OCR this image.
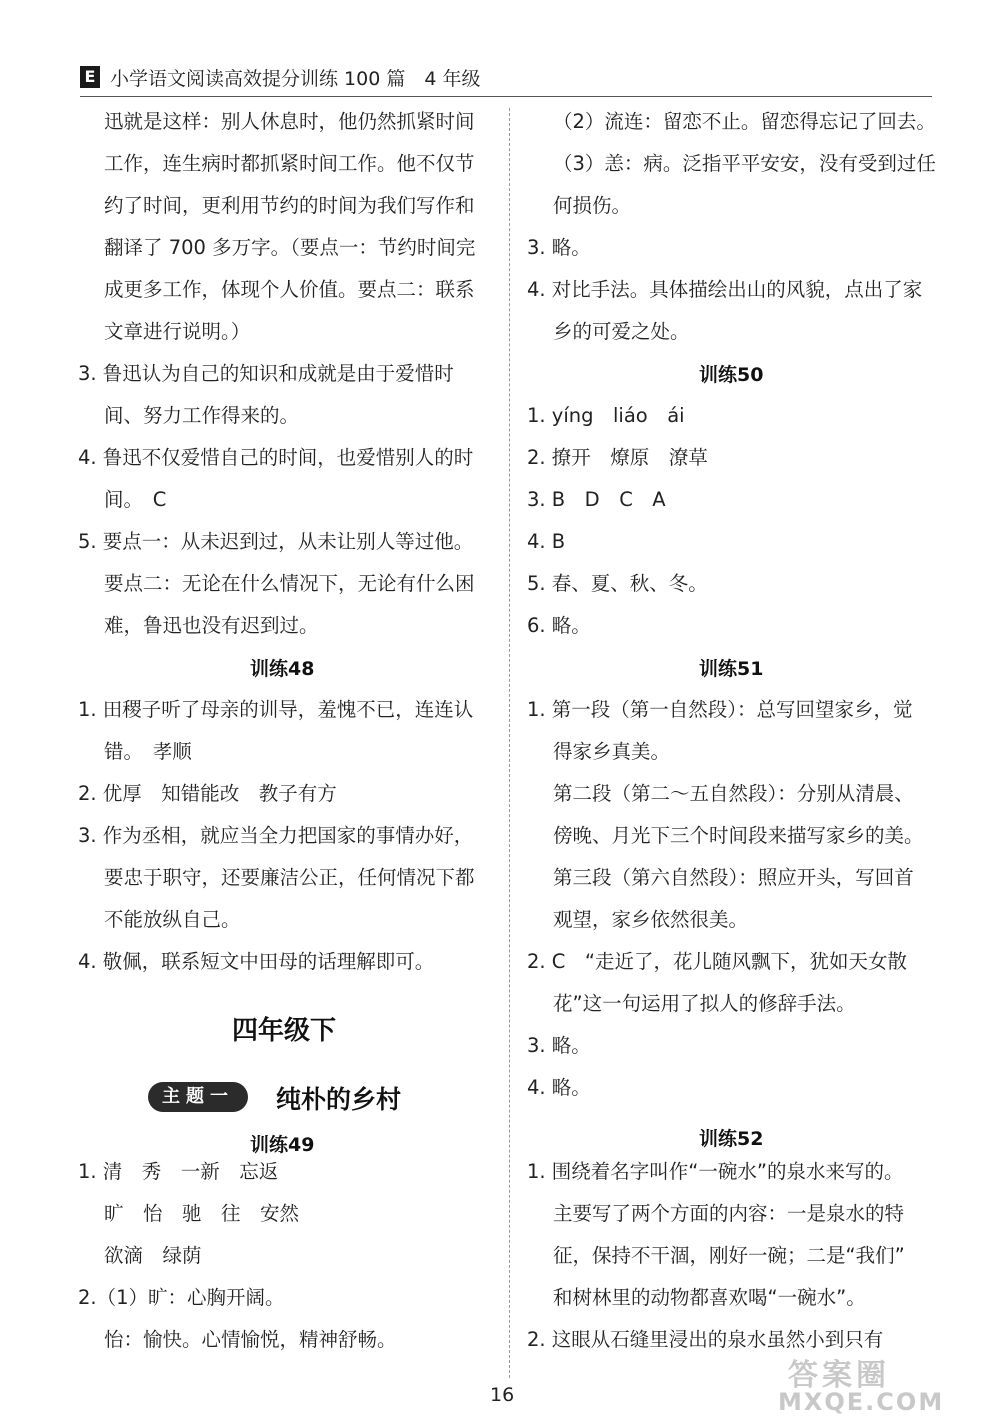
E 小学语文阅读高效提分训练 100 篇　4 年级
迅就是这样：别人休息时，他仍然抓紧时间
工作，连生病时都抓紧时间工作。他不仅节
约了时间，更利用节约的时间为我们写作和
翻译了 700 多万字。（要点一：节约时间完
成更多工作，体现个人价值。要点二：联系
文章进行说明。）
3. 鲁迅认为自己的知识和成就是由于爱惜时
间、努力工作得来的。
4. 鲁迅不仅爱惜自己的时间，也爱惜别人的时
间。　C
5. 要点一：从未迟到过，从未让别人等过他。
要点二：无论在什么情况下，无论有什么困
难，鲁迅也没有迟到过。
训练48
1. 田稷子听了母亲的训导，羞愧不已，连连认
错。　孝顺
2. 优厚　知错能改　教子有方
3. 作为丞相，就应当全力把国家的事情办好，
要忠于职守，还要廉洁公正，任何情况下都
不能放纵自己。
4. 敬佩，联系短文中田母的话理解即可。
训练49
1. 清　秀　一新　忘返
旷　怡　驰　往　安然
欲滴　绿荫
2.（1）旷：心胸开阔。
怡：愉快。心情愉悦，精神舒畅。
四年级下
主题一	纯朴的乡村
（2）流连：留恋不止。留恋得忘记了回去。
（3）恙：病。泛指平平安安，没有受到过任
何损伤。
3. 略。
4. 对比手法。具体描绘出山的风貌，点出了家
乡的可爱之处。
训练50
1. yíng　liáo　ái
2. 撩开　燎原　潦草
3. B　D　C　A
4. B
5. 春、夏、秋、冬。
6. 略。
训练51
1. 第一段（第一自然段）：总写回望家乡，觉
得家乡真美。
第二段（第二～五自然段）：分别从清晨、
傍晚、月光下三个时间段来描写家乡的美。
第三段（第六自然段）：照应开头，写回首
观望，家乡依然很美。
2. C　“走近了，花儿随风飘下，犹如天女散
花”这一句运用了拟人的修辞手法。
3. 略。
4. 略。
训练52
1. 围绕着名字叫作“一碗水”的泉水来写的。
主要写了两个方面的内容：一是泉水的特
征，保持不干涸，刚好一碗；二是“我们”
和树林里的动物都喜欢喝“一碗水”。
2. 这眼从石缝里浸出的泉水虽然小到只有
16
答案圈
MXQE.COM
